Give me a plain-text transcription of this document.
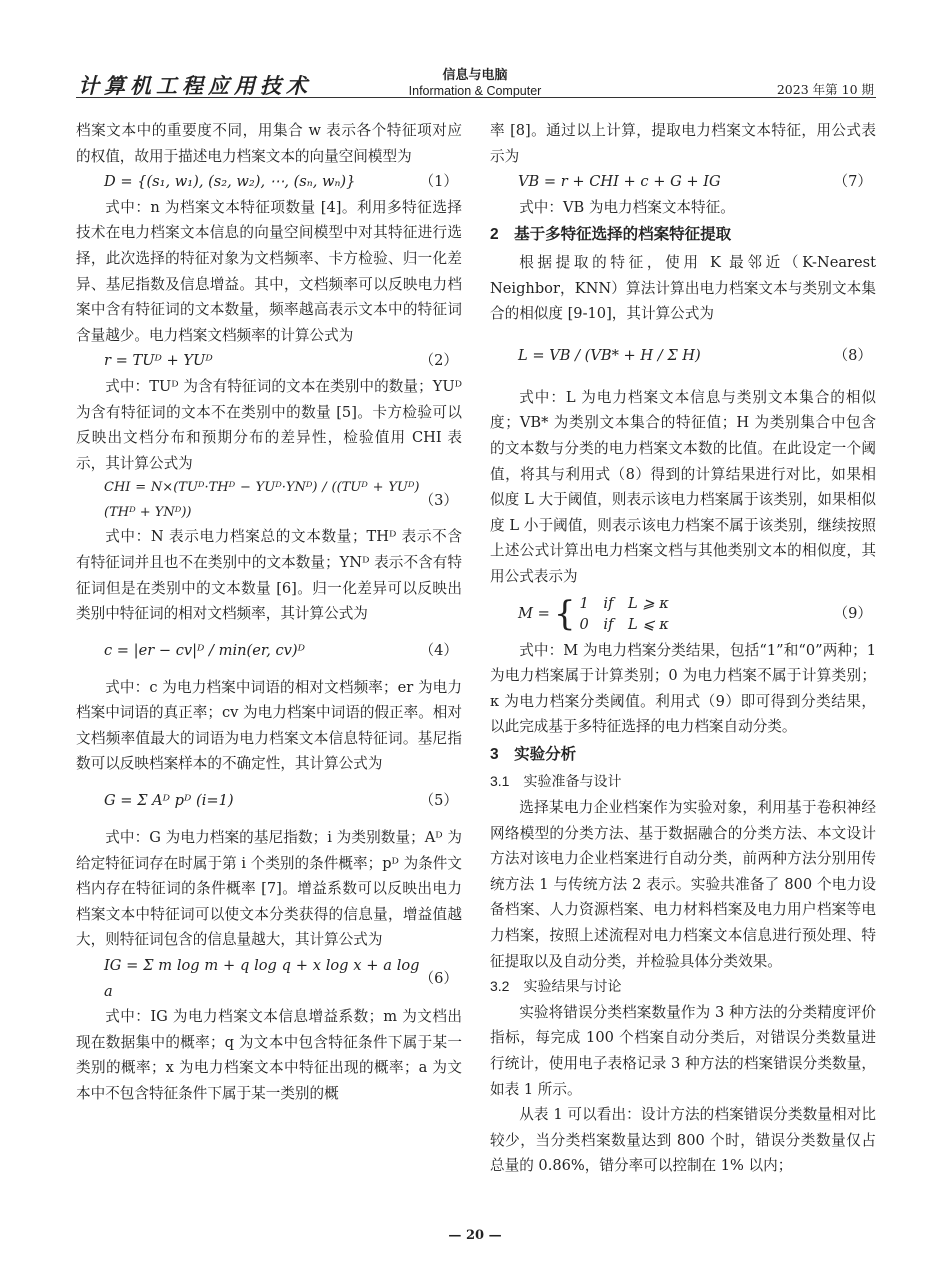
计算机工程应用技术	信息与电脑
Information & Computer	2023 年第 10 期

档案文本中的重要度不同，用集合 w 表示各个特征项对应的权值，故用于描述电力档案文本的向量空间模型为

D = {(s₁, w₁), (s₂, w₂), ⋯, (sₙ, wₙ)}	（1）

式中：n 为档案文本特征项数量 [4]。利用多特征选择技术在电力档案文本信息的向量空间模型中对其特征进行选择，此次选择的特征对象为文档频率、卡方检验、归一化差异、基尼指数及信息增益。其中，文档频率可以反映电力档案中含有特征词的文本数量，频率越高表示文本中的特征词含量越少。电力档案文档频率的计算公式为

r = TUᴰ + YUᴰ	（2）

式中：TUᴰ 为含有特征词的文本在类别中的数量；YUᴰ 为含有特征词的文本不在类别中的数量 [5]。卡方检验可以反映出文档分布和预期分布的差异性，检验值用 CHI 表示，其计算公式为

CHI = N×(TUᴰ·THᴰ − YUᴰ·YNᴰ) / ((TUᴰ + YUᴰ)(THᴰ + YNᴰ))
（3）

式中：N 表示电力档案总的文本数量；THᴰ 表示不含有特征词并且也不在类别中的文本数量；YNᴰ 表示不含有特征词但是在类别中的文本数量 [6]。归一化差异可以反映出类别中特征词的相对文档频率，其计算公式为

c = |er − cv|ᴰ / min(er, cv)ᴰ	（4）

式中：c 为电力档案中词语的相对文档频率；er 为电力档案中词语的真正率；cv 为电力档案中词语的假正率。相对文档频率值最大的词语为电力档案文本信息特征词。基尼指数可以反映档案样本的不确定性，其计算公式为

G = Σ Aᴰ pᴰ (i=1)	（5）

式中：G 为电力档案的基尼指数；i 为类别数量；Aᴰ 为给定特征词存在时属于第 i 个类别的条件概率；pᴰ 为条件文档内存在特征词的条件概率 [7]。增益系数可以反映出电力档案文本中特征词可以使文本分类获得的信息量，增益值越大，则特征词包含的信息量越大，其计算公式为

IG = Σ m log m + q log q + x log x + a log a
（6）

式中：IG 为电力档案文本信息增益系数；m 为文档出现在数据集中的概率；q 为文本中包含特征条件下属于某一类别的概率；x 为电力档案文本中特征出现的概率；a 为文本中不包含特征条件下属于某一类别的概

率 [8]。通过以上计算，提取电力档案文本特征，用公式表示为

VB = r + CHI + c + G + IG	（7）

式中：VB 为电力档案文本特征。

2　基于多特征选择的档案特征提取

根据提取的特征，使用 K 最邻近（K-Nearest Neighbor，KNN）算法计算出电力档案文本与类别文本集合的相似度 [9-10]，其计算公式为

L = VB / (VB* + H / Σ H)	（8）

式中：L 为电力档案文本信息与类别文本集合的相似度；VB* 为类别文本集合的特征值；H 为类别集合中包含的文本数与分类的电力档案文本数的比值。在此设定一个阈值，将其与利用式（8）得到的计算结果进行对比，如果相似度 L 大于阈值，则表示该电力档案属于该类别，如果相似度 L 小于阈值，则表示该电力档案不属于该类别，继续按照上述公式计算出电力档案文档与其他类别文本的相似度，其用公式表示为

M = { 1　if　L ⩾ κ
0　if　L ⩽ κ
（9）

式中：M 为电力档案分类结果，包括“1”和“0”两种；1 为电力档案属于计算类别；0 为电力档案不属于计算类别；κ 为电力档案分类阈值。利用式（9）即可得到分类结果，以此完成基于多特征选择的电力档案自动分类。

3　实验分析
3.1　实验准备与设计

选择某电力企业档案作为实验对象，利用基于卷积神经网络模型的分类方法、基于数据融合的分类方法、本文设计方法对该电力企业档案进行自动分类，前两种方法分别用传统方法 1 与传统方法 2 表示。实验共准备了 800 个电力设备档案、人力资源档案、电力材料档案及电力用户档案等电力档案，按照上述流程对电力档案文本信息进行预处理、特征提取以及自动分类，并检验具体分类效果。

3.2　实验结果与讨论

实验将错误分类档案数量作为 3 种方法的分类精度评价指标，每完成 100 个档案自动分类后，对错误分类数量进行统计，使用电子表格记录 3 种方法的档案错误分类数量，如表 1 所示。

从表 1 可以看出：设计方法的档案错误分类数量相对比较少，当分类档案数量达到 800 个时，错误分类数量仅占总量的 0.86%，错分率可以控制在 1% 以内；

— 20 —
